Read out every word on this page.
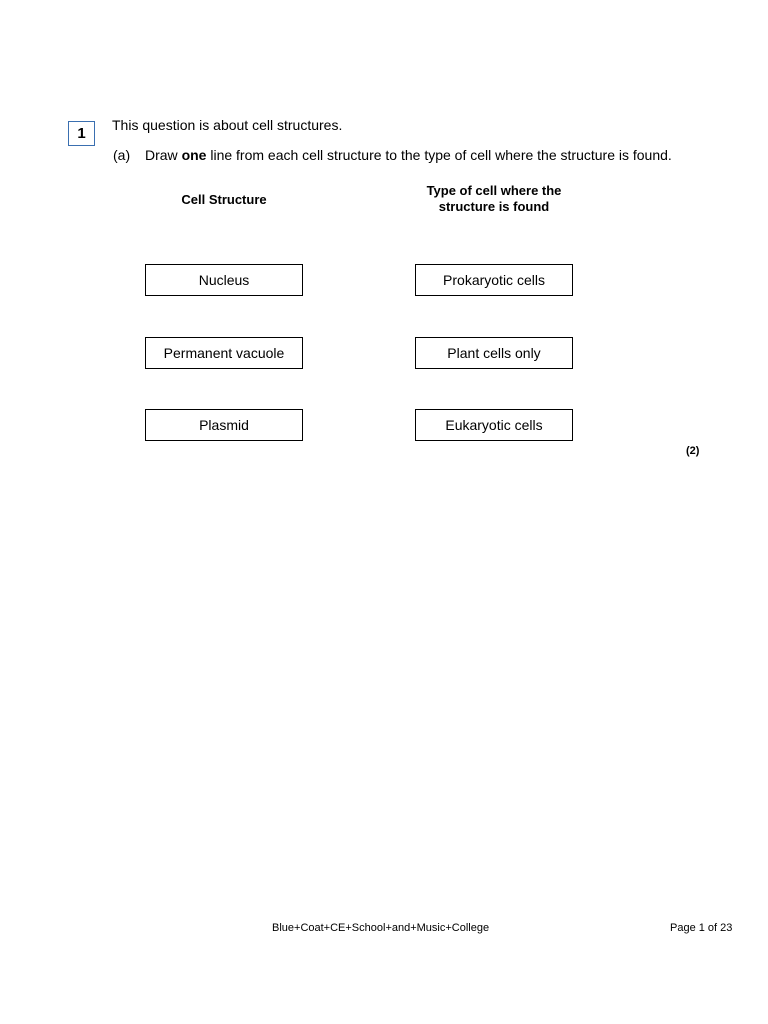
1	This question is about cell structures.
(a) Draw one line from each cell structure to the type of cell where the structure is found.
Cell Structure
Type of cell where the
structure is found
Nucleus
Permanent vacuole
Plasmid
Prokaryotic cells
Plant cells only
Eukaryotic cells
(2)
Blue+Coat+CE+School+and+Music+College	Page 1 of 23
